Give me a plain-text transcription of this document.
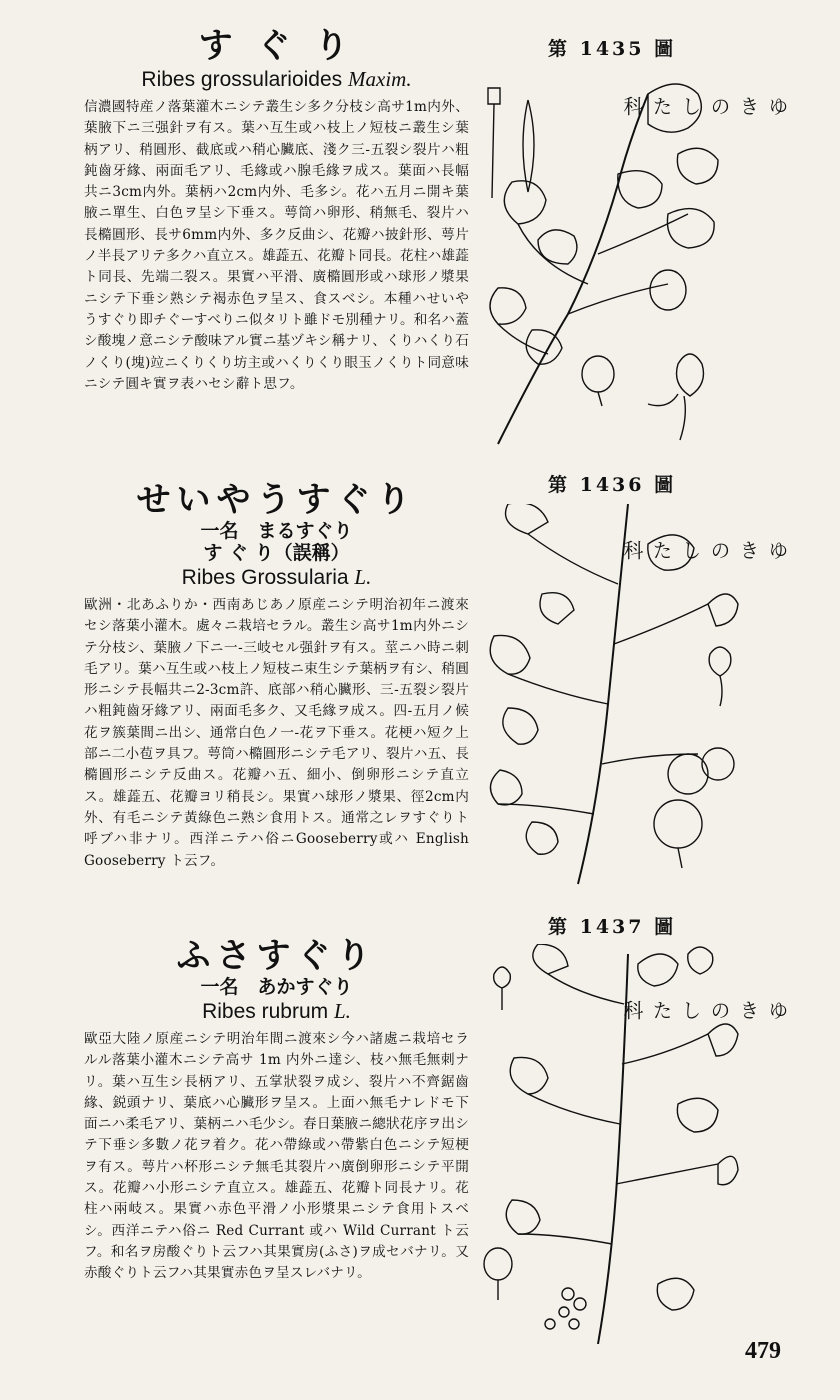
す ぐ り

Ribes grossularioides Maxim.

信濃國特産ノ落葉灌木ニシテ叢生シ多ク分枝シ高サ1m内外、葉腋下ニ三强針ヲ有ス。葉ハ互生或ハ枝上ノ短枝ニ叢生シ葉柄アリ、稍圓形、截底或ハ稍心臟底、淺ク三-五裂シ裂片ハ粗鈍齒牙緣、兩面毛アリ、毛緣或ハ腺毛緣ヲ成ス。葉面ハ長幅共ニ3cm内外。葉柄ハ2cm内外、毛多シ。花ハ五月ニ開キ葉腋ニ單生、白色ヲ呈シ下垂ス。萼筒ハ卵形、稍無毛、裂片ハ長橢圓形、長サ6mm内外、多ク反曲シ、花瓣ハ披針形、萼片ノ半長アリテ多クハ直立ス。雄蕋五、花瓣ト同長。花柱ハ雄蕋ト同長、先端二裂ス。果實ハ平滑、廣橢圓形或ハ球形ノ漿果ニシテ下垂シ熟シテ褐赤色ヲ呈ス、食スベシ。本種ハせいやうすぐり即チぐーすべりニ似タリト雖ドモ別種ナリ。和名ハ蓋シ酸塊ノ意ニシテ酸味アル實ニ基ヅキシ稱ナリ、くりハくり石ノくり(塊)竝ニくりくり坊主或ハくりくり眼玉ノくりト同意味ニシテ圓キ實ヲ表ハセシ辭ト思フ。

第 1435 圖
ゆきのした科
せいやうすぐり

一名　まるすぐり

す ぐ り（誤稱）

Ribes Grossularia L.

歐洲・北あふりか・西南あじあノ原産ニシテ明治初年ニ渡來セシ落葉小灌木。處々ニ栽培セラル。叢生シ高サ1m内外ニシテ分枝シ、葉腋ノ下ニ一-三岐セル强針ヲ有ス。莖ニハ時ニ刺毛アリ。葉ハ互生或ハ枝上ノ短枝ニ束生シテ葉柄ヲ有シ、稍圓形ニシテ長幅共ニ2-3cm許、底部ハ稍心臟形、三-五裂シ裂片ハ粗鈍齒牙緣アリ、兩面毛多ク、又毛緣ヲ成ス。四-五月ノ候花ヲ簇葉間ニ出シ、通常白色ノ一-花ヲ下垂ス。花梗ハ短ク上部ニ二小苞ヲ具フ。萼筒ハ橢圓形ニシテ毛アリ、裂片ハ五、長橢圓形ニシテ反曲ス。花瓣ハ五、細小、倒卵形ニシテ直立ス。雄蕋五、花瓣ヨリ稍長シ。果實ハ球形ノ漿果、徑2cm内外、有毛ニシテ黃綠色ニ熟シ食用トス。通常之レヲすぐりト呼ブハ非ナリ。西洋ニテハ俗ニGooseberry或ハ English Gooseberry ト云フ。

第 1436 圖
ゆきのした科
ふさすぐり

一名　あかすぐり

Ribes rubrum L.

歐亞大陸ノ原産ニシテ明治年間ニ渡來シ今ハ諸處ニ栽培セラルル落葉小灌木ニシテ高サ 1m 内外ニ達シ、枝ハ無毛無刺ナリ。葉ハ互生シ長柄アリ、五掌狀裂ヲ成シ、裂片ハ不齊鋸齒緣、鋭頭ナリ、葉底ハ心臟形ヲ呈ス。上面ハ無毛ナレドモ下面ニハ柔毛アリ、葉柄ニハ毛少シ。春日葉腋ニ總狀花序ヲ出シテ下垂シ多數ノ花ヲ着ク。花ハ帶綠或ハ帶紫白色ニシテ短梗ヲ有ス。萼片ハ杯形ニシテ無毛其裂片ハ廣倒卵形ニシテ平開ス。花瓣ハ小形ニシテ直立ス。雄蕋五、花瓣ト同長ナリ。花柱ハ兩岐ス。果實ハ赤色平滑ノ小形漿果ニシテ食用トスベシ。西洋ニテハ俗ニ Red Currant 或ハ Wild Currant ト云フ。和名ヲ房酸ぐりト云フハ其果實房(ふさ)ヲ成セバナリ。又赤酸ぐりト云フハ其果實赤色ヲ呈スレバナリ。

第 1437 圖
ゆきのした科
479
